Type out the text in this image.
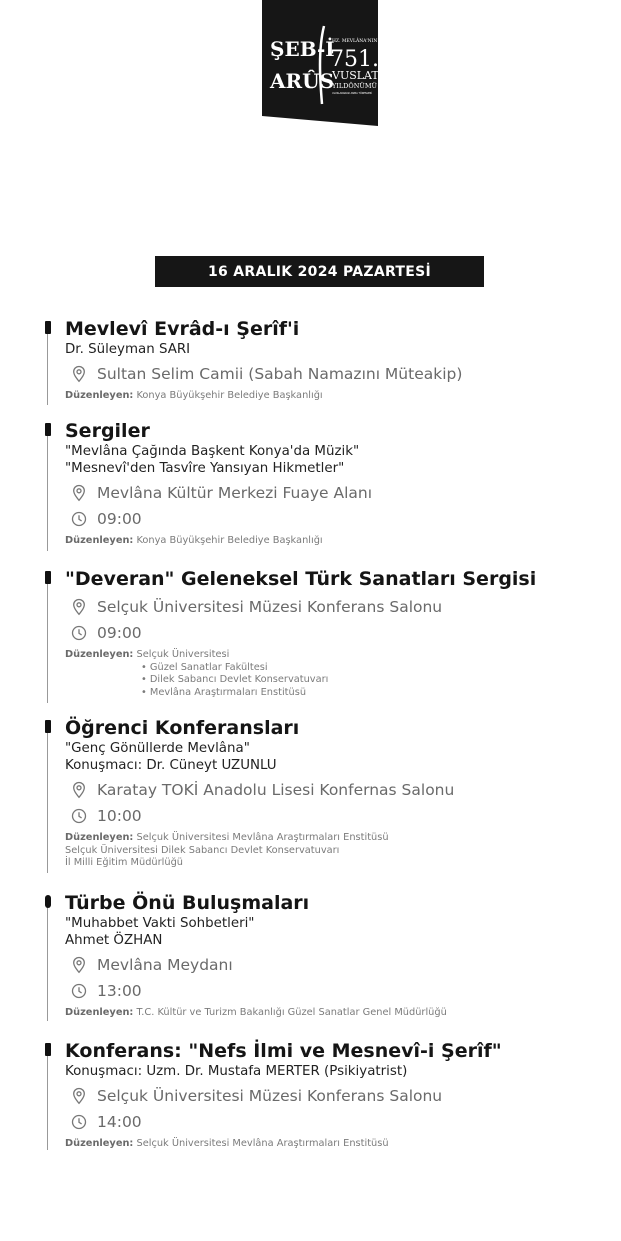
ŞEB-İ
ARÛS
HZ. MEVLÂNA'NIN
751.
VUSLAT
YILDÖNÜMÜ
ULUSLARARASI ANMA TÖRENLERİ
16 ARALIK 2024 PAZARTESİ
Mevlevî Evrâd-ı Şerîf'i
Dr. Süleyman SARI
Sultan Selim Camii (Sabah Namazını Müteakip)
Düzenleyen: Konya Büyükşehir Belediye Başkanlığı
Sergiler
"Mevlâna Çağında Başkent Konya'da Müzik"
"Mesnevî'den Tasvîre Yansıyan Hikmetler"
Mevlâna Kültür Merkezi Fuaye Alanı
09:00
Düzenleyen: Konya Büyükşehir Belediye Başkanlığı
"Deveran" Geleneksel Türk Sanatları Sergisi
Selçuk Üniversitesi Müzesi Konferans Salonu
09:00
Düzenleyen: Selçuk Üniversitesi
• Güzel Sanatlar Fakültesi
• Dilek Sabancı Devlet Konservatuvarı
• Mevlâna Araştırmaları Enstitüsü
Öğrenci Konferansları
"Genç Gönüllerde Mevlâna"
Konuşmacı: Dr. Cüneyt UZUNLU
Karatay TOKİ Anadolu Lisesi Konfernas Salonu
10:00
Düzenleyen: Selçuk Üniversitesi Mevlâna Araştırmaları Enstitüsü
Selçuk Üniversitesi Dilek Sabancı Devlet Konservatuvarı
İl Milli Eğitim Müdürlüğü
Türbe Önü Buluşmaları
"Muhabbet Vakti Sohbetleri"
Ahmet ÖZHAN
Mevlâna Meydanı
13:00
Düzenleyen: T.C. Kültür ve Turizm Bakanlığı Güzel Sanatlar Genel Müdürlüğü
Konferans: "Nefs İlmi ve Mesnevî-i Şerîf"
Konuşmacı: Uzm. Dr. Mustafa MERTER (Psikiyatrist)
Selçuk Üniversitesi Müzesi Konferans Salonu
14:00
Düzenleyen: Selçuk Üniversitesi Mevlâna Araştırmaları Enstitüsü
